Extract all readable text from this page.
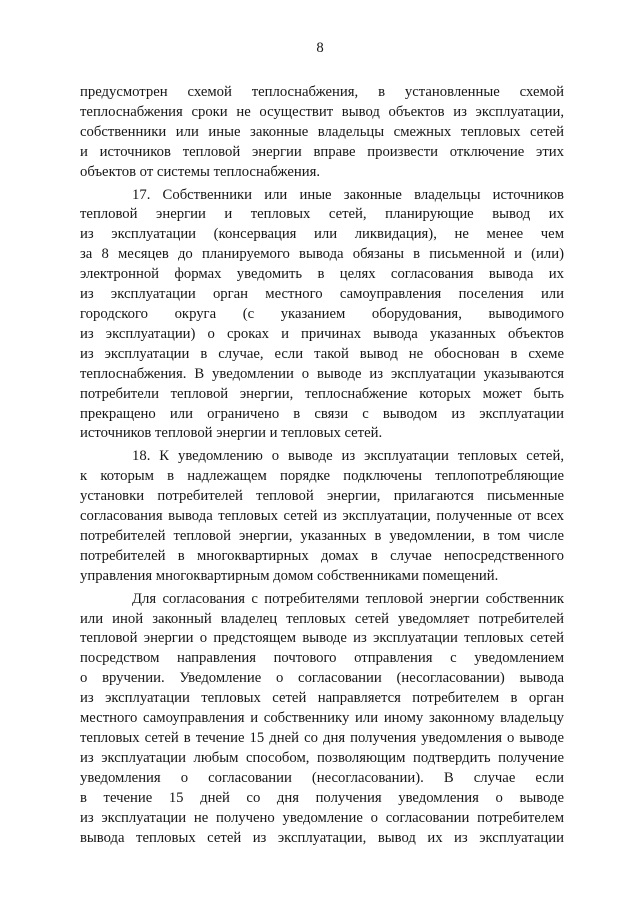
8
предусмотрен схемой теплоснабжения, в установленные схемой
теплоснабжения сроки не осуществит вывод объектов из эксплуатации,
собственники или иные законные владельцы смежных тепловых сетей
и источников тепловой энергии вправе произвести отключение этих
объектов от системы теплоснабжения.
17. Собственники или иные законные владельцы источников
тепловой энергии и тепловых сетей, планирующие вывод их
из эксплуатации (консервация или ликвидация), не менее чем
за 8 месяцев до планируемого вывода обязаны в письменной и (или)
электронной формах уведомить в целях согласования вывода их
из эксплуатации орган местного самоуправления поселения или
городского округа (с указанием оборудования, выводимого
из эксплуатации) о сроках и причинах вывода указанных объектов
из эксплуатации в случае, если такой вывод не обоснован в схеме
теплоснабжения. В уведомлении о выводе из эксплуатации указываются
потребители тепловой энергии, теплоснабжение которых может быть
прекращено или ограничено в связи с выводом из эксплуатации
источников тепловой энергии и тепловых сетей.
18. К уведомлению о выводе из эксплуатации тепловых сетей,
к которым в надлежащем порядке подключены теплопотребляющие
установки потребителей тепловой энергии, прилагаются письменные
согласования вывода тепловых сетей из эксплуатации, полученные от всех
потребителей тепловой энергии, указанных в уведомлении, в том числе
потребителей в многоквартирных домах в случае непосредственного
управления многоквартирным домом собственниками помещений.
Для согласования с потребителями тепловой энергии собственник
или иной законный владелец тепловых сетей уведомляет потребителей
тепловой энергии о предстоящем выводе из эксплуатации тепловых сетей
посредством направления почтового отправления с уведомлением
о вручении. Уведомление о согласовании (несогласовании) вывода
из эксплуатации тепловых сетей направляется потребителем в орган
местного самоуправления и собственнику или иному законному владельцу
тепловых сетей в течение 15 дней со дня получения уведомления о выводе
из эксплуатации любым способом, позволяющим подтвердить получение
уведомления о согласовании (несогласовании). В случае если
в течение 15 дней со дня получения уведомления о выводе
из эксплуатации не получено уведомление о согласовании потребителем
вывода тепловых сетей из эксплуатации, вывод их из эксплуатации
